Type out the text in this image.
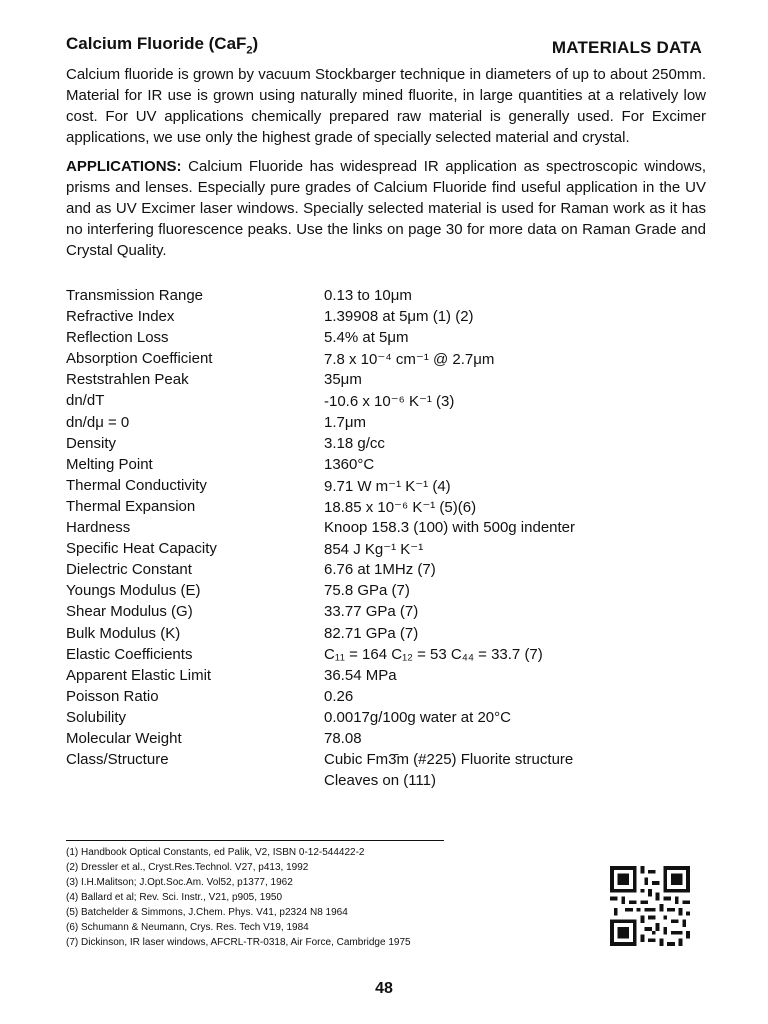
Calcium Fluoride (CaF$_2$)	MATERIALS DATA

Calcium fluoride is grown by vacuum Stockbarger technique in diameters of up to about 250mm. Material for IR use is grown using naturally mined fluorite, in large quantities at a relatively low cost. For UV applications chemically prepared raw material is generally used. For Excimer applications, we use only the highest grade of specially selected material and crystal.

APPLICATIONS: Calcium Fluoride has widespread IR application as spectroscopic windows, prisms and lenses. Especially pure grades of Calcium Fluoride find useful application in the UV and as UV Excimer laser windows. Specially selected material is used for Raman work as it has no interfering fluorescence peaks. Use the links on page 30 for more data on Raman Grade and Crystal Quality.

Transmission Range	0.13 to 10μm
Refractive Index	1.39908 at 5μm (1) (2)
Reflection Loss	5.4% at 5μm
Absorption Coefficient	7.8 x 10⁻⁴ cm⁻¹ @ 2.7μm
Reststrahlen Peak	35μm
dn/dT	-10.6 x 10⁻⁶ K⁻¹ (3)
dn/dμ = 0	1.7μm
Density	3.18 g/cc
Melting Point	1360°C
Thermal Conductivity	9.71 W m⁻¹ K⁻¹ (4)
Thermal Expansion	18.85 x 10⁻⁶ K⁻¹ (5)(6)
Hardness	Knoop 158.3 (100) with 500g indenter
Specific Heat Capacity	854 J Kg⁻¹ K⁻¹
Dielectric Constant	6.76 at 1MHz (7)
Youngs Modulus (E)	75.8 GPa (7)
Shear Modulus (G)	33.77 GPa (7)
Bulk Modulus (K)	82.71 GPa (7)
Elastic Coefficients	C₁₁ = 164 C₁₂ = 53 C₄₄ = 33.7 (7)
Apparent Elastic Limit	36.54 MPa
Poisson Ratio	0.26
Solubility	0.0017g/100g water at 20°C
Molecular Weight	78.08
Class/Structure	Cubic Fm3̄m (#225) Fluorite structure
	Cleaves on (111)
(1) Handbook Optical Constants, ed Palik, V2, ISBN 0-12-544422-2
(2) Dressler et al., Cryst.Res.Technol. V27, p413, 1992
(3) I.H.Malitson; J.Opt.Soc.Am. Vol52, p1377, 1962
(4) Ballard et al; Rev. Sci. Instr., V21, p905, 1950
(5) Batchelder & Simmons, J.Chem. Phys. V41, p2324 N8 1964
(6) Schumann & Neumann, Crys. Res. Tech V19, 1984
(7) Dickinson, IR laser windows, AFCRL-TR-0318, Air Force, Cambridge 1975
48
